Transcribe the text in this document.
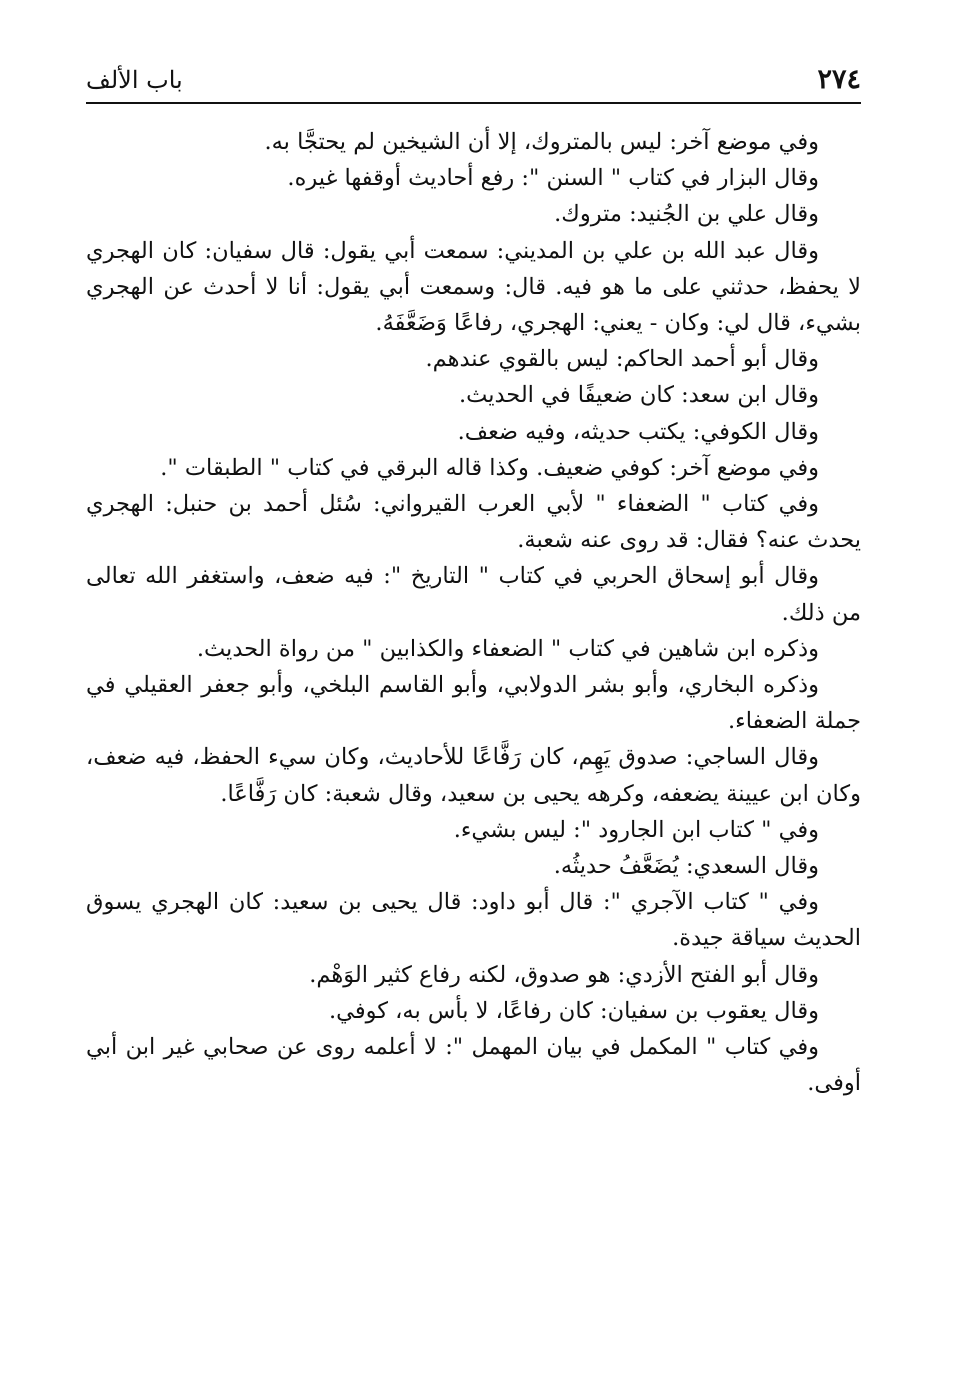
٢٧٤
باب الألف

وفي موضع آخر: ليس بالمتروك، إلا أن الشيخين لم يحتجَّا به.

وقال البزار في كتاب " السنن ": رفع أحاديث أوقفها غيره.

وقال علي بن الجُنيد: متروك.

وقال عبد الله بن علي بن المديني: سمعت أبي يقول: قال سفيان: كان الهجري لا يحفظ، حدثني على ما هو فيه. قال: وسمعت أبي يقول: أنا لا أحدث عن الهجري بشيء، قال لي: وكان - يعني: الهجري، رفاعًا وَضَعَّفَهُ.

وقال أبو أحمد الحاكم: ليس بالقوي عندهم.

وقال ابن سعد: كان ضعيفًا في الحديث.

وقال الكوفي: يكتب حديثه، وفيه ضعف.

وفي موضع آخر: كوفي ضعيف. وكذا قاله البرقي في كتاب " الطبقات ".

وفي كتاب " الضعفاء " لأبي العرب القيرواني: سُئل أحمد بن حنبل: الهجري يحدث عنه؟ فقال: قد روى عنه شعبة.

وقال أبو إسحاق الحربي في كتاب " التاريخ ": فيه ضعف، واستغفر الله تعالى من ذلك.

وذكره ابن شاهين في كتاب " الضعفاء والكذابين " من رواة الحديث.

وذكره البخاري، وأبو بشر الدولابي، وأبو القاسم البلخي، وأبو جعفر العقيلي في جملة الضعفاء.

وقال الساجي: صدوق يَهِم، كان رَفَّاعًا للأحاديث، وكان سيء الحفظ، فيه ضعف، وكان ابن عيينة يضعفه، وكرهه يحيى بن سعيد، وقال شعبة: كان رَفَّاعًا.

وفي " كتاب ابن الجارود ": ليس بشيء.

وقال السعدي: يُضَعَّفُ حديثُه.

وفي " كتاب الآجري ": قال أبو داود: قال يحيى بن سعيد: كان الهجري يسوق الحديث سياقة جيدة.

وقال أبو الفتح الأزدي: هو صدوق، لكنه رفاع كثير الوَهْم.

وقال يعقوب بن سفيان: كان رفاعًا، لا بأس به، كوفي.

وفي كتاب " المكمل في بيان المهمل ": لا أعلمه روى عن صحابي غير ابن أبي أوفى.
